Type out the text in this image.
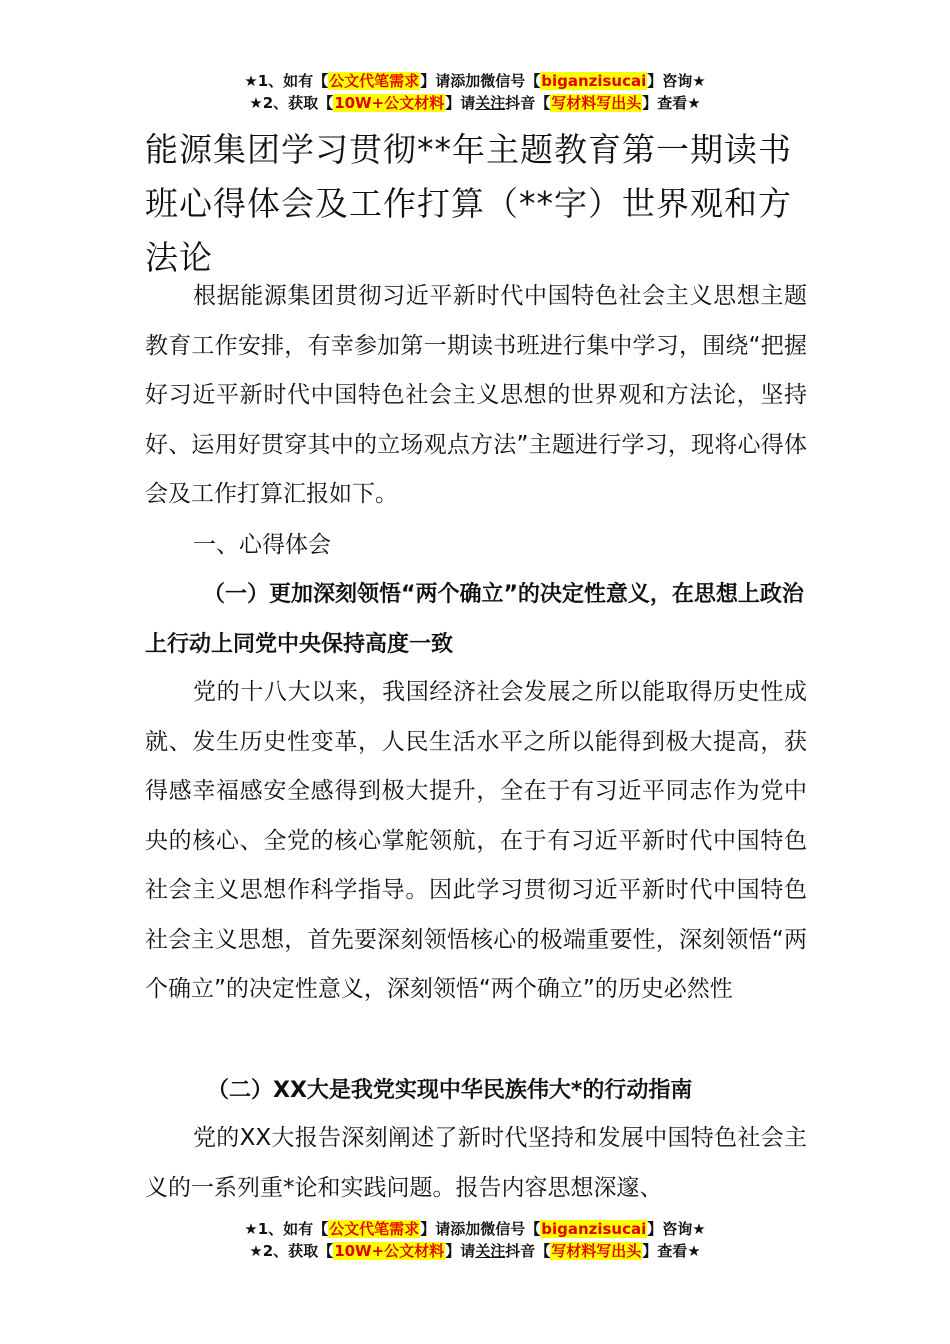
★1、如有【公文代笔需求】请添加微信号【biganzisucai】咨询★
★2、获取【10W+公文材料】请关注抖音【写材料写出头】查看★
能源集团学习贯彻**年主题教育第一期读书班心得体会及工作打算（**字）世界观和方法论
根据能源集团贯彻习近平新时代中国特色社会主义思想主题教育工作安排，有幸参加第一期读书班进行集中学习，围绕“把握好习近平新时代中国特色社会主义思想的世界观和方法论，坚持好、运用好贯穿其中的立场观点方法”主题进行学习，现将心得体会及工作打算汇报如下。
一、心得体会
（一）更加深刻领悟“两个确立”的决定性意义，在思想上政治上行动上同党中央保持高度一致
党的十八大以来，我国经济社会发展之所以能取得历史性成就、发生历史性变革，人民生活水平之所以能得到极大提高，获得感幸福感安全感得到极大提升，全在于有习近平同志作为党中央的核心、全党的核心掌舵领航，在于有习近平新时代中国特色社会主义思想作科学指导。因此学习贯彻习近平新时代中国特色社会主义思想，首先要深刻领悟核心的极端重要性，深刻领悟“两个确立”的决定性意义，深刻领悟“两个确立”的历史必然性
（二）XX大是我党实现中华民族伟大*的行动指南
党的XX大报告深刻阐述了新时代坚持和发展中国特色社会主义的一系列重*论和实践问题。报告内容思想深邃、
★1、如有【公文代笔需求】请添加微信号【biganzisucai】咨询★
★2、获取【10W+公文材料】请关注抖音【写材料写出头】查看★
